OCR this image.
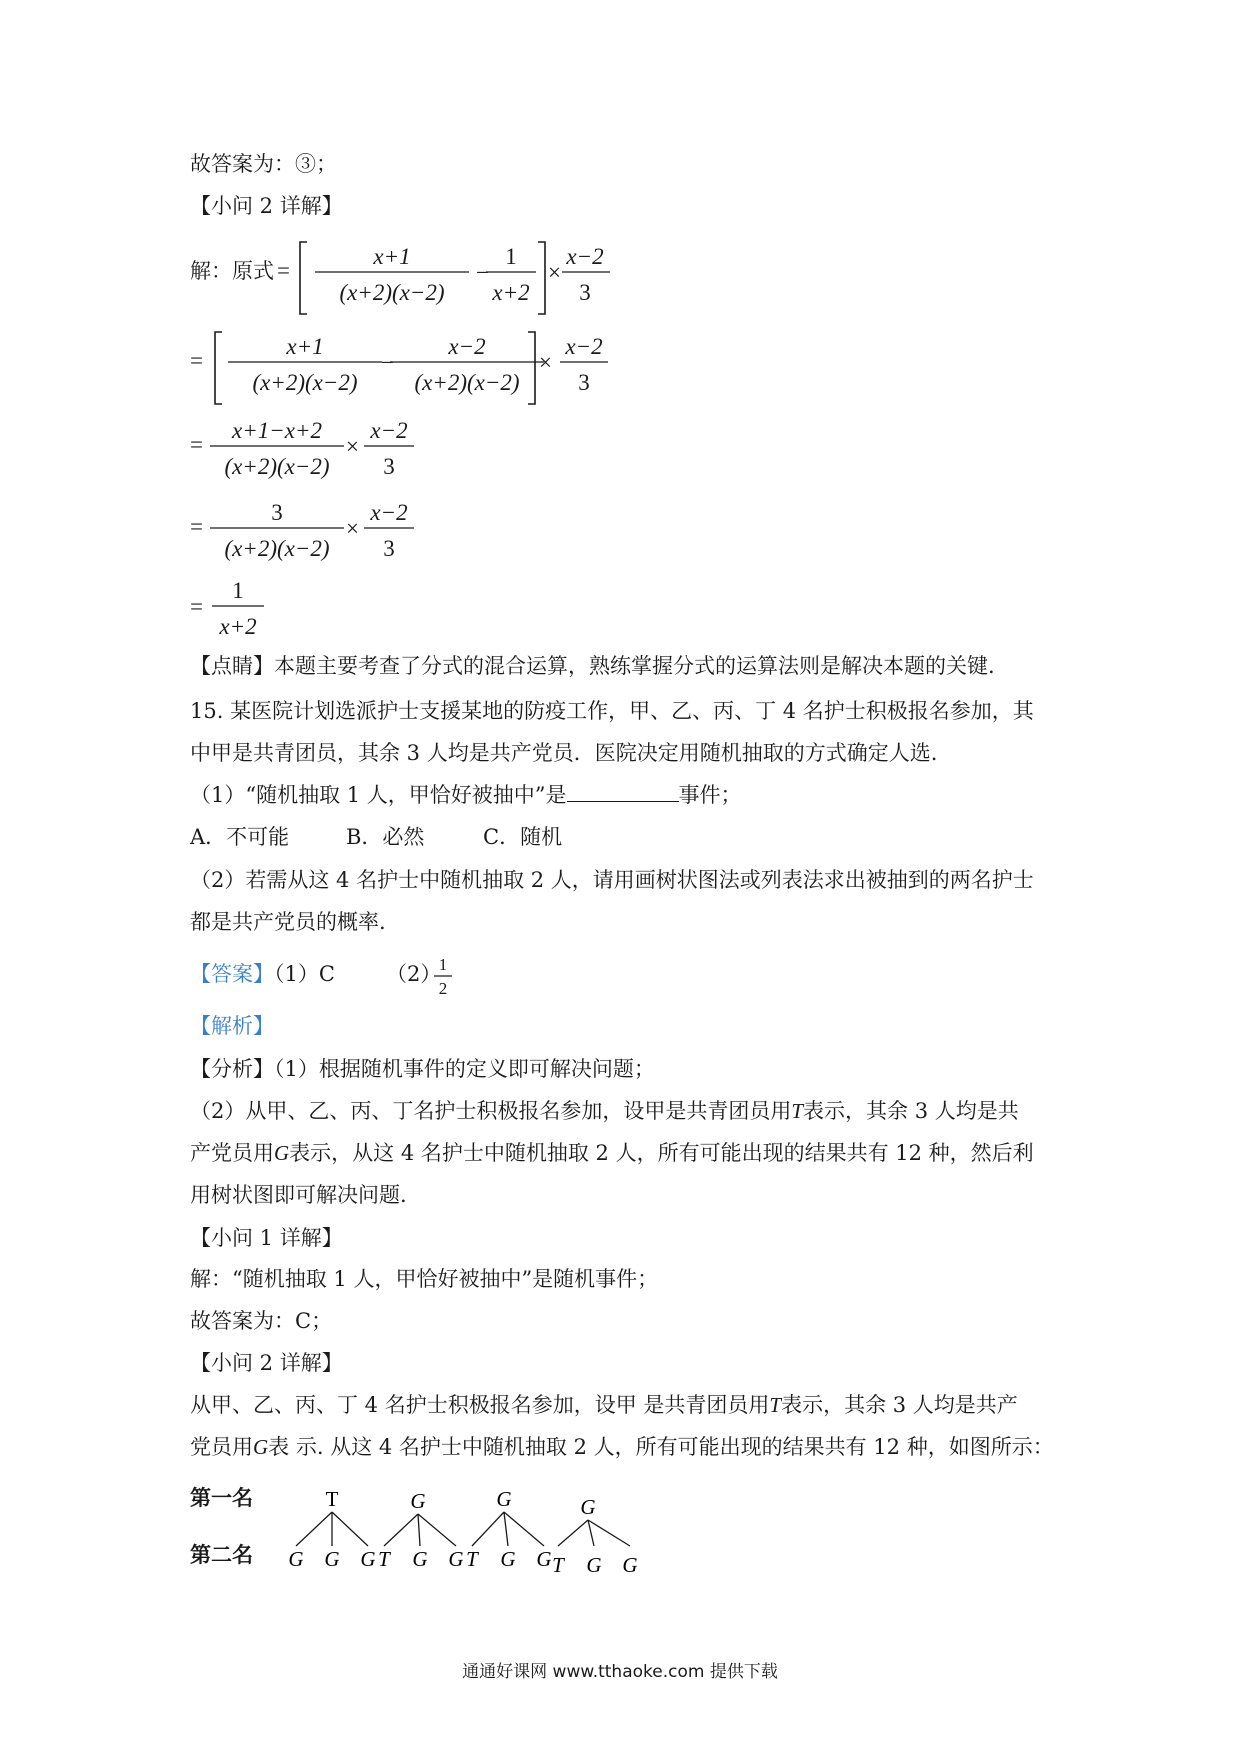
故答案为：③；
【小问 2 详解】
解：原式 =
x+1
(x+2)(x−2)
−
1
x+2
×
x−2
3
=
x+1
(x+2)(x−2)
−
x−2
(x+2)(x−2)
×
x−2
3
=
x+1−x+2
(x+2)(x−2)
×
x−2
3
=
3
(x+2)(x−2)
×
x−2
3
=
1
x+2
【点睛】本题主要考查了分式的混合运算，熟练掌握分式的运算法则是解决本题的关键.
15. 某医院计划选派护士支援某地的防疫工作，甲、乙、丙、丁 4 名护士积极报名参加，其
中甲是共青团员，其余 3 人均是共产党员．医院决定用随机抽取的方式确定人选.
（1）“随机抽取 1 人，甲恰好被抽中”是	事件；
A．不可能	B．必然	C．随机
（2）若需从这 4 名护士中随机抽取 2 人，请用画树状图法或列表法求出被抽到的两名护士
都是共产党员的概率.
【答案】（1）C （2）
1
2
【解析】
【分析】（1）根据随机事件的定义即可解决问题；
（2）从甲、乙、丙、丁名护士积极报名参加，设甲是共青团员用T表示，其余 3 人均是共
产党员用G表示，从这 4 名护士中随机抽取 2 人，所有可能出现的结果共有 12 种，然后利
用树状图即可解决问题.
【小问 1 详解】
解：“随机抽取 1 人，甲恰好被抽中”是随机事件；
故答案为：C；
【小问 2 详解】
从甲、乙、丙、丁 4 名护士积极报名参加，设甲 是共青团员用T表示，其余 3 人均是共产
党员用G表 示. 从这 4 名护士中随机抽取 2 人，所有可能出现的结果共有 12 种，如图所示：
第一名
第二名
T
G G G
G
T G G
G
T G G
G
T G G
通通好课网 www.tthaoke.com 提供下载
